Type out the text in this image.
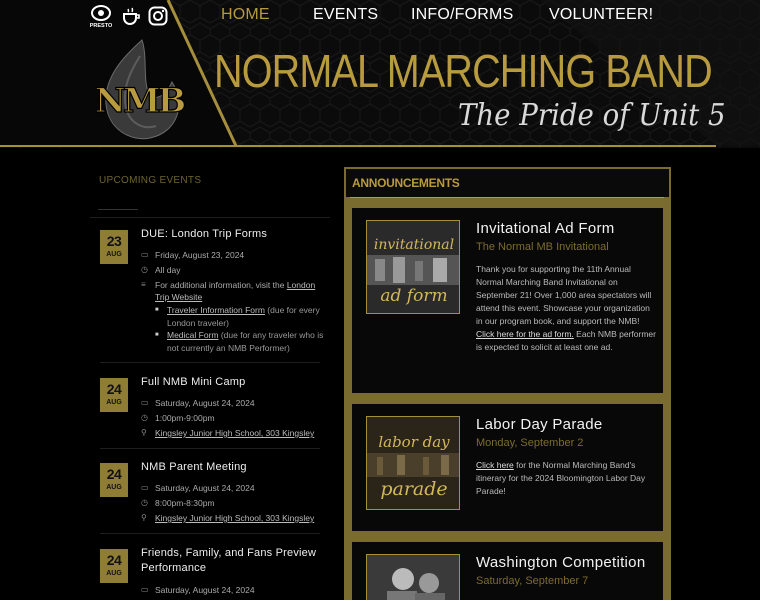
PRESTO
HOME	EVENTS INFO/FORMS VOLUNTEER!
NMB
NORMAL MARCHING BAND
The Pride of Unit 5
UPCOMING EVENTS
23
AUG
DUE: London Trip Forms
▭ Friday, August 23, 2024
◷ All day
≡	For additional information, visit the London Trip Website
■ Traveler Information Form (due for every London traveler)
■ Medical Form (due for any traveler who is not currently an NMB Performer)
24
AUG
Full NMB Mini Camp
▭ Saturday, August 24, 2024
◷ 1:00pm-9:00pm
⚲ Kingsley Junior High School, 303 Kingsley
24
AUG
NMB Parent Meeting
▭ Saturday, August 24, 2024
◷ 8:00pm-8:30pm
⚲ Kingsley Junior High School, 303 Kingsley
24
AUG
Friends, Family, and Fans Preview Performance
▭ Saturday, August 24, 2024
ANNOUNCEMENTS
invitational
ad form
Invitational Ad Form
The Normal MB Invitational
Thank you for supporting the 11th Annual Normal Marching Band Invitational on September 21! Over 1,000 area spectators will attend this event. Showcase your organization in our program book, and support the NMB! Click here for the ad form. Each NMB performer is expected to solicit at least one ad.
labor day
parade
Labor Day Parade
Monday, September 2
Click here for the Normal Marching Band's itinerary for the 2024 Bloomington Labor Day Parade!
Washington Competition
Saturday, September 7
